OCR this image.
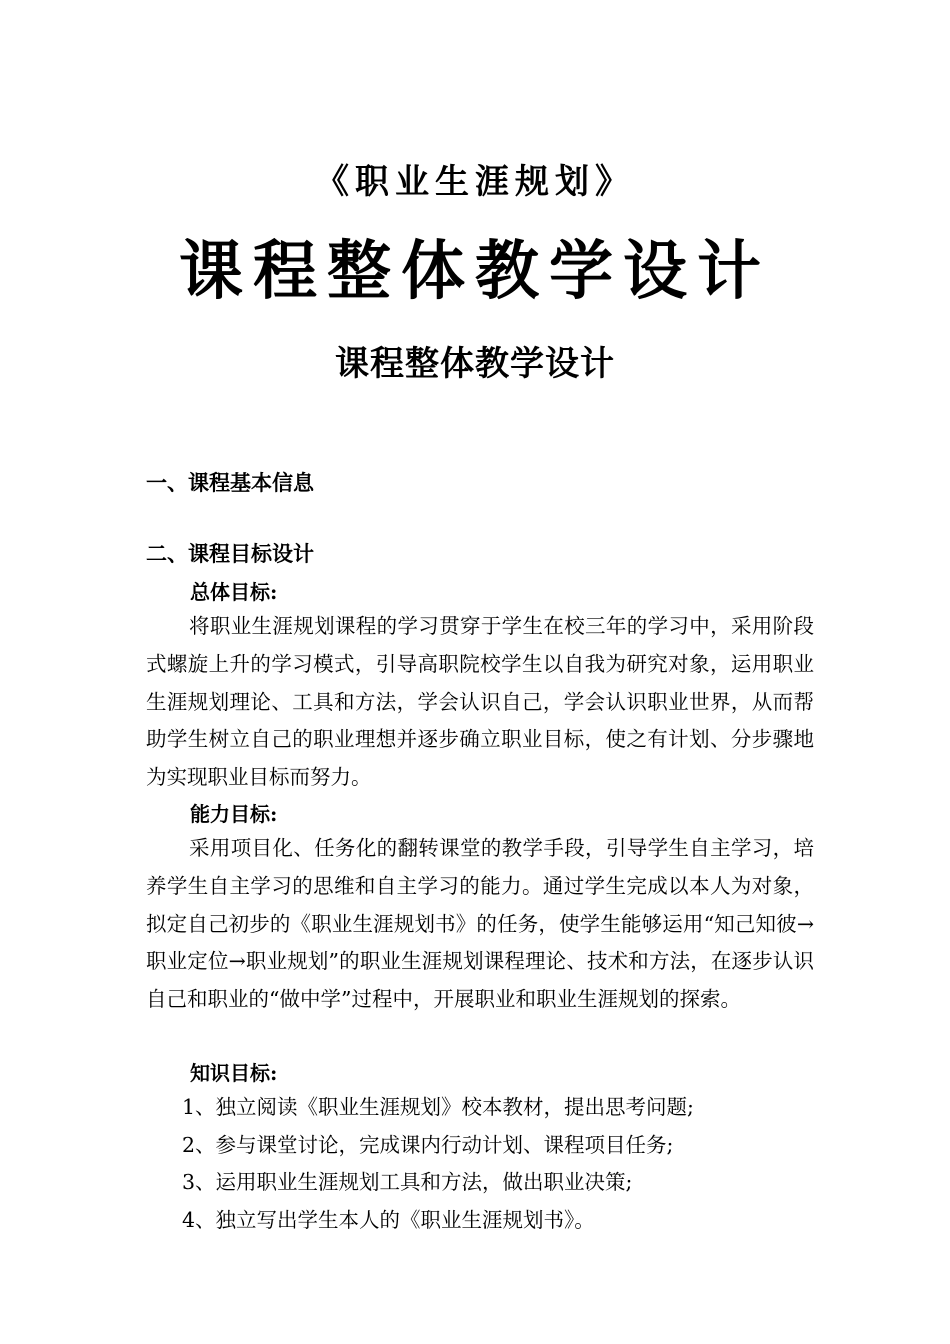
《职业生涯规划》
课程整体教学设计
课程整体教学设计
一、课程基本信息
二、课程目标设计
总体目标:

将职业生涯规划课程的学习贯穿于学生在校三年的学习中，采用阶段式螺旋上升的学习模式，引导高职院校学生以自我为研究对象，运用职业生涯规划理论、工具和方法，学会认识自己，学会认识职业世界，从而帮助学生树立自己的职业理想并逐步确立职业目标，使之有计划、分步骤地为实现职业目标而努力。

能力目标:

采用项目化、任务化的翻转课堂的教学手段，引导学生自主学习，培养学生自主学习的思维和自主学习的能力。通过学生完成以本人为对象，拟定自己初步的《职业生涯规划书》的任务，使学生能够运用“知己知彼→职业定位→职业规划”的职业生涯规划课程理论、技术和方法，在逐步认识自己和职业的“做中学”过程中，开展职业和职业生涯规划的探索。

知识目标:
1、独立阅读《职业生涯规划》校本教材，提出思考问题;
2、参与课堂讨论，完成课内行动计划、课程项目任务;
3、运用职业生涯规划工具和方法，做出职业决策;
4、独立写出学生本人的《职业生涯规划书》。
